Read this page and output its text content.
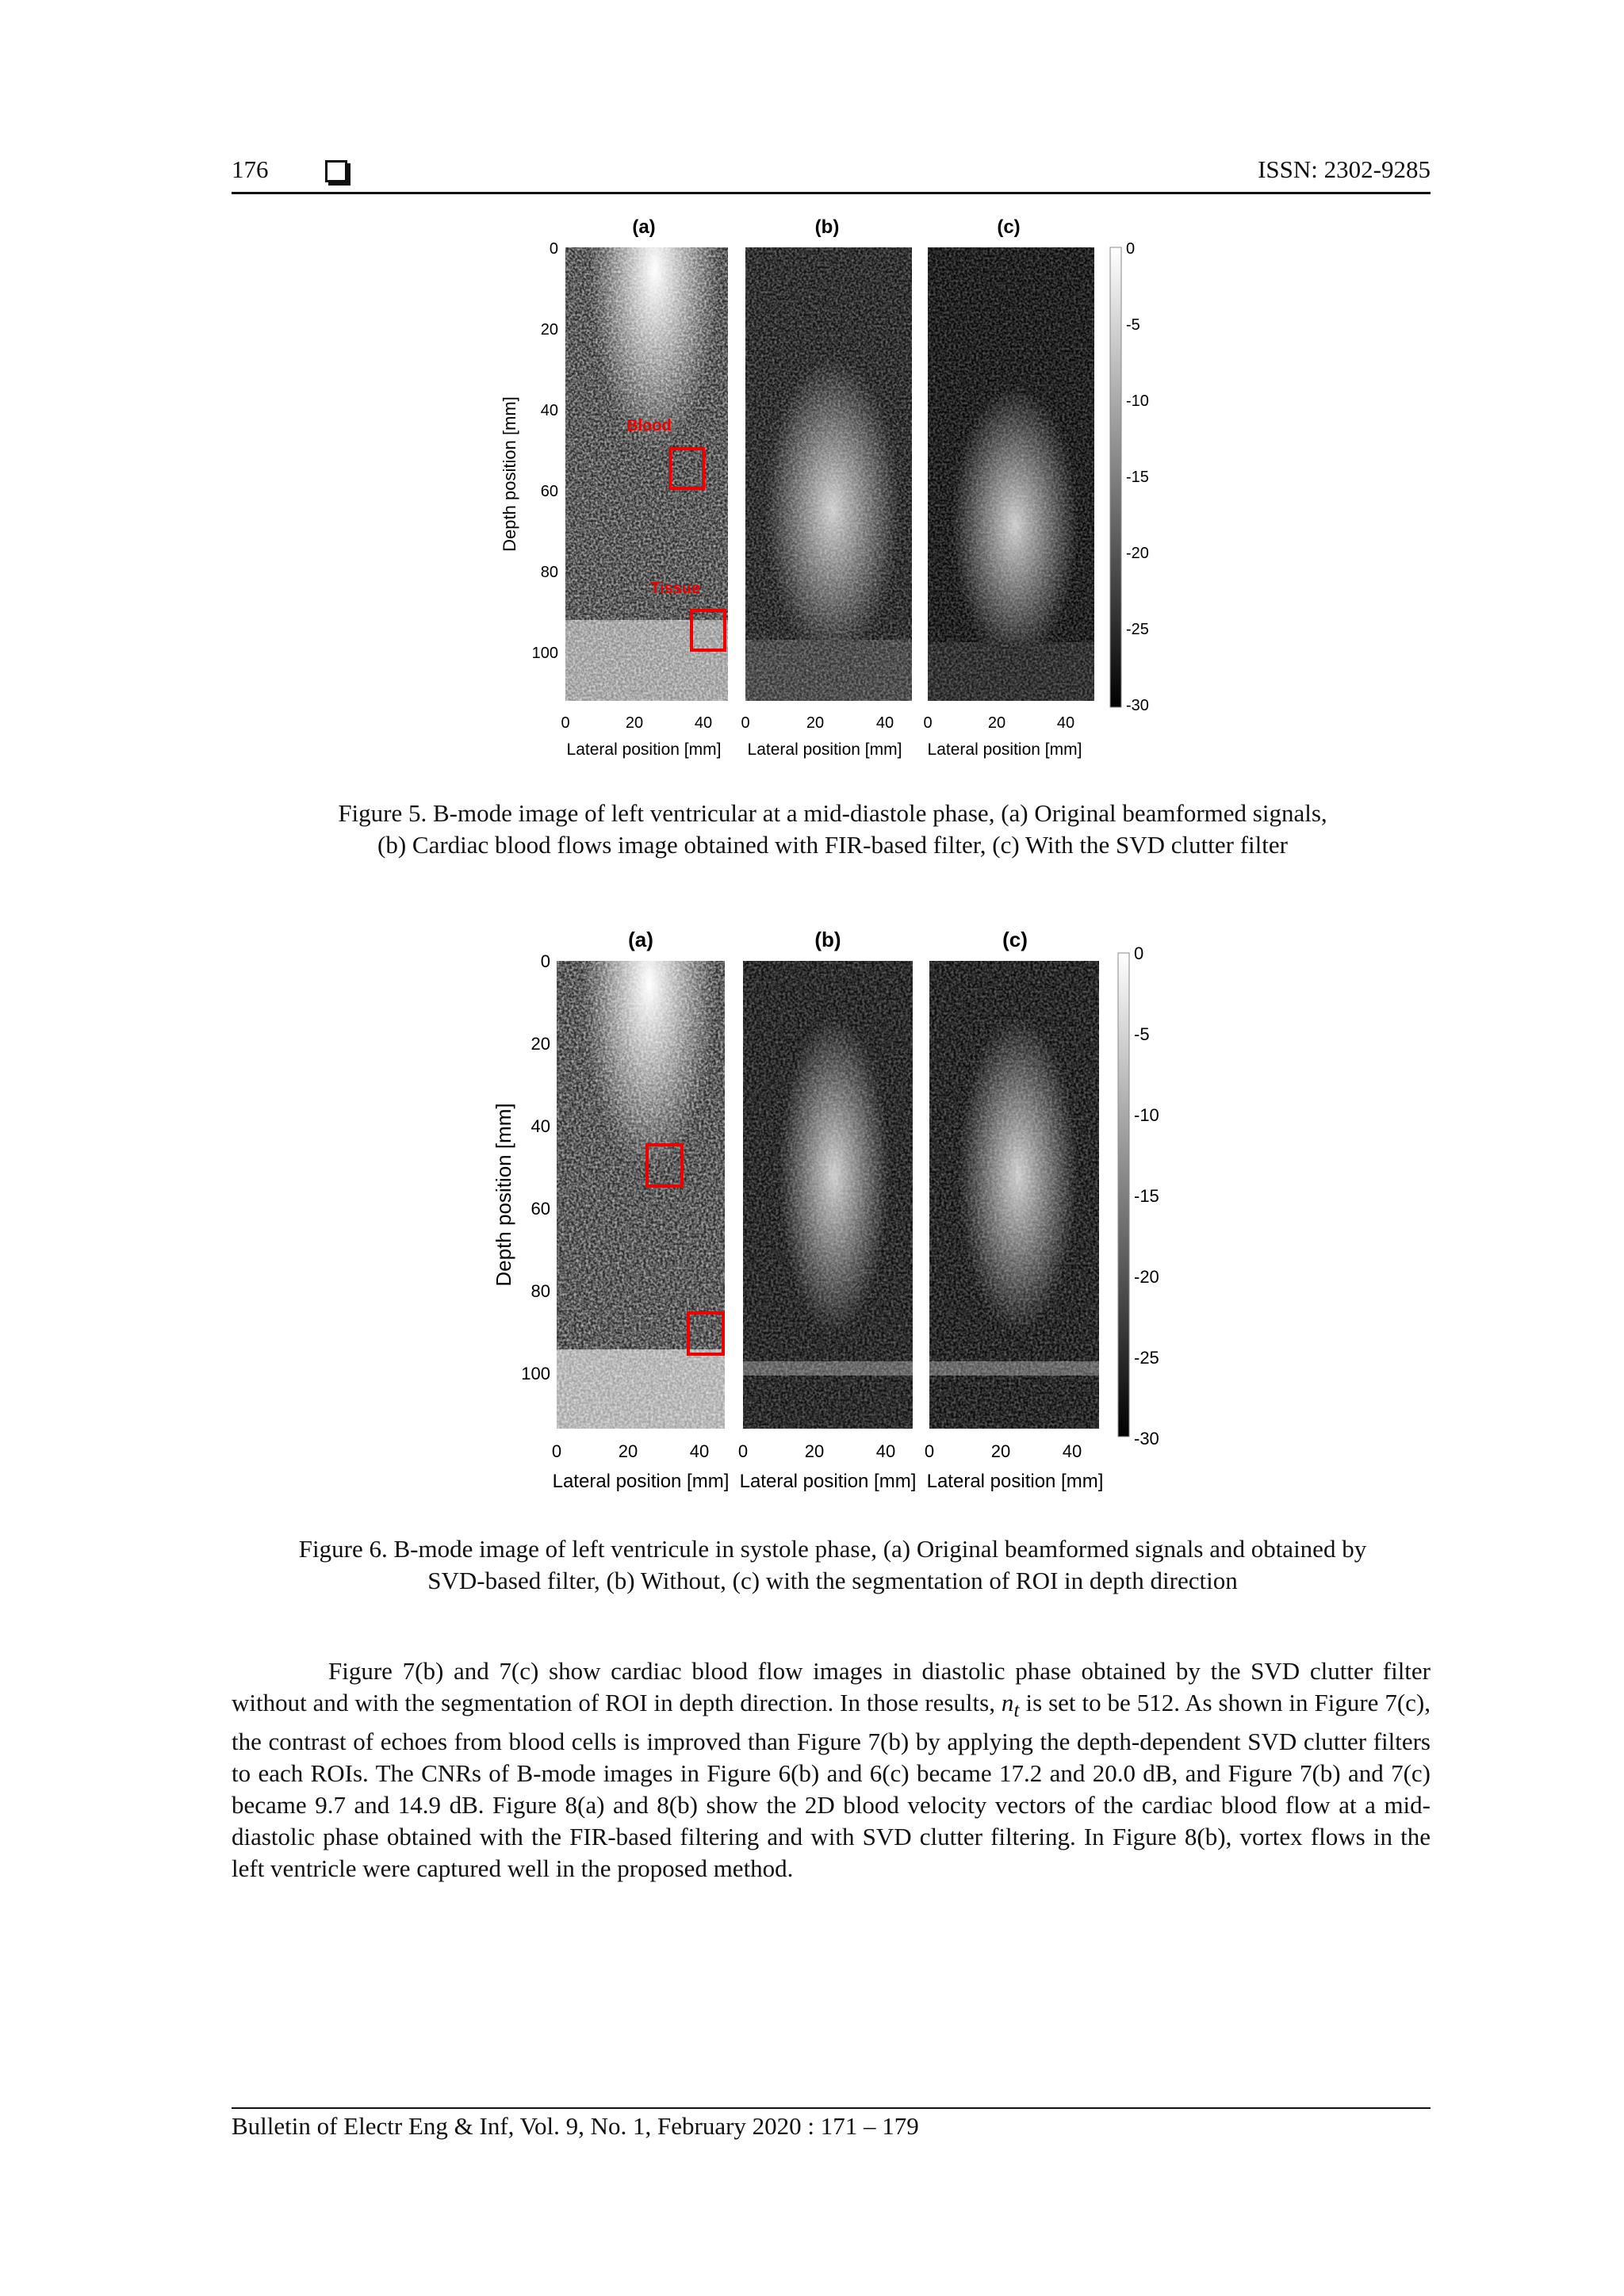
176	ISSN: 2302-9285
(a)	(b)	(c)
Blood
Tissue
Depth position [mm]
0
20
40
60
80
100
0	20	40 0	20	40 0	20	40
Lateral position [mm] Lateral position [mm] Lateral position [mm]
0
-5
-10
-15
-20
-25
-30
Figure 5. B-mode image of left ventricular at a mid-diastole phase, (a) Original beamformed signals,
(b) Cardiac blood flows image obtained with FIR-based filter, (c) With the SVD clutter filter
(a)	(b)	(c)
Depth position [mm]
0
20
40
60
80
100
0	20	40 0	20	40 0	20	40
Lateral position [mm] Lateral position [mm] Lateral position [mm]
0
-5
-10
-15
-20
-25
-30
Figure 6. B-mode image of left ventricule in systole phase, (a) Original beamformed signals and obtained by
SVD-based filter, (b) Without, (c) with the segmentation of ROI in depth direction

Figure 7(b) and 7(c) show cardiac blood flow images in diastolic phase obtained by the SVD clutter filter without and with the segmentation of ROI in depth direction. In those results, $n_t$ is set to be 512. As shown in Figure 7(c), the contrast of echoes from blood cells is improved than Figure 7(b) by applying the depth-dependent SVD clutter filters to each ROIs. The CNRs of B-mode images in Figure 6(b) and 6(c) became 17.2 and 20.0 dB, and Figure 7(b) and 7(c) became 9.7 and 14.9 dB. Figure 8(a) and 8(b) show the 2D blood velocity vectors of the cardiac blood flow at a mid-diastolic phase obtained with the FIR-based filtering and with SVD clutter filtering. In Figure 8(b), vortex flows in the left ventricle were captured well in the proposed method.

Bulletin of Electr Eng & Inf, Vol. 9, No. 1, February 2020 : 171 – 179
